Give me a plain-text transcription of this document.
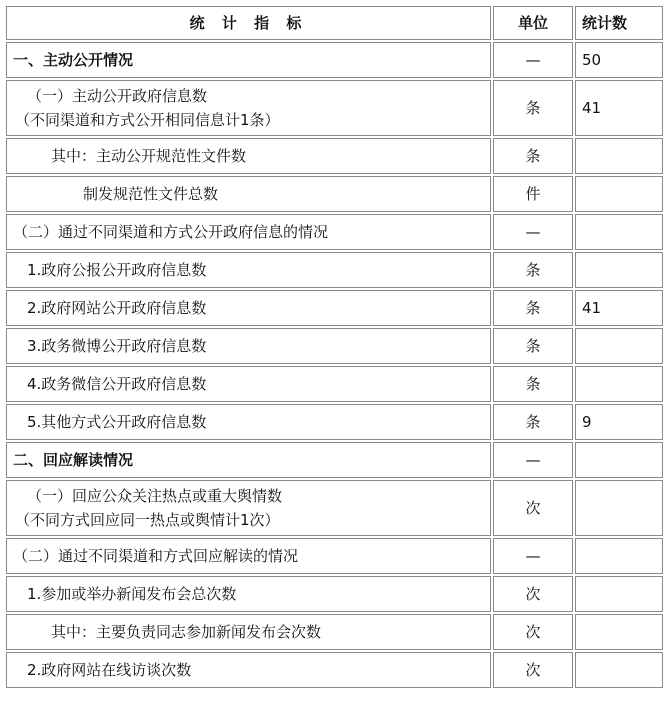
统 计 指 标	单位	统计数
一、主动公开情况	—	50

（一）主动公开政府信息数
（不同渠道和方式公开相同信息计1条）	条	41
其中：主动公开规范性文件数	条	
制发规范性文件总数	件	
（二）通过不同渠道和方式公开政府信息的情况	—	
1.政府公报公开政府信息数	条	
2.政府网站公开政府信息数	条	41
3.政务微博公开政府信息数	条	
4.政务微信公开政府信息数	条	
5.其他方式公开政府信息数	条	9
二、回应解读情况	—	

（一）回应公众关注热点或重大舆情数
（不同方式回应同一热点或舆情计1次）	次	
（二）通过不同渠道和方式回应解读的情况	—	
1.参加或举办新闻发布会总次数	次	
其中：主要负责同志参加新闻发布会次数	次	
2.政府网站在线访谈次数	次	
